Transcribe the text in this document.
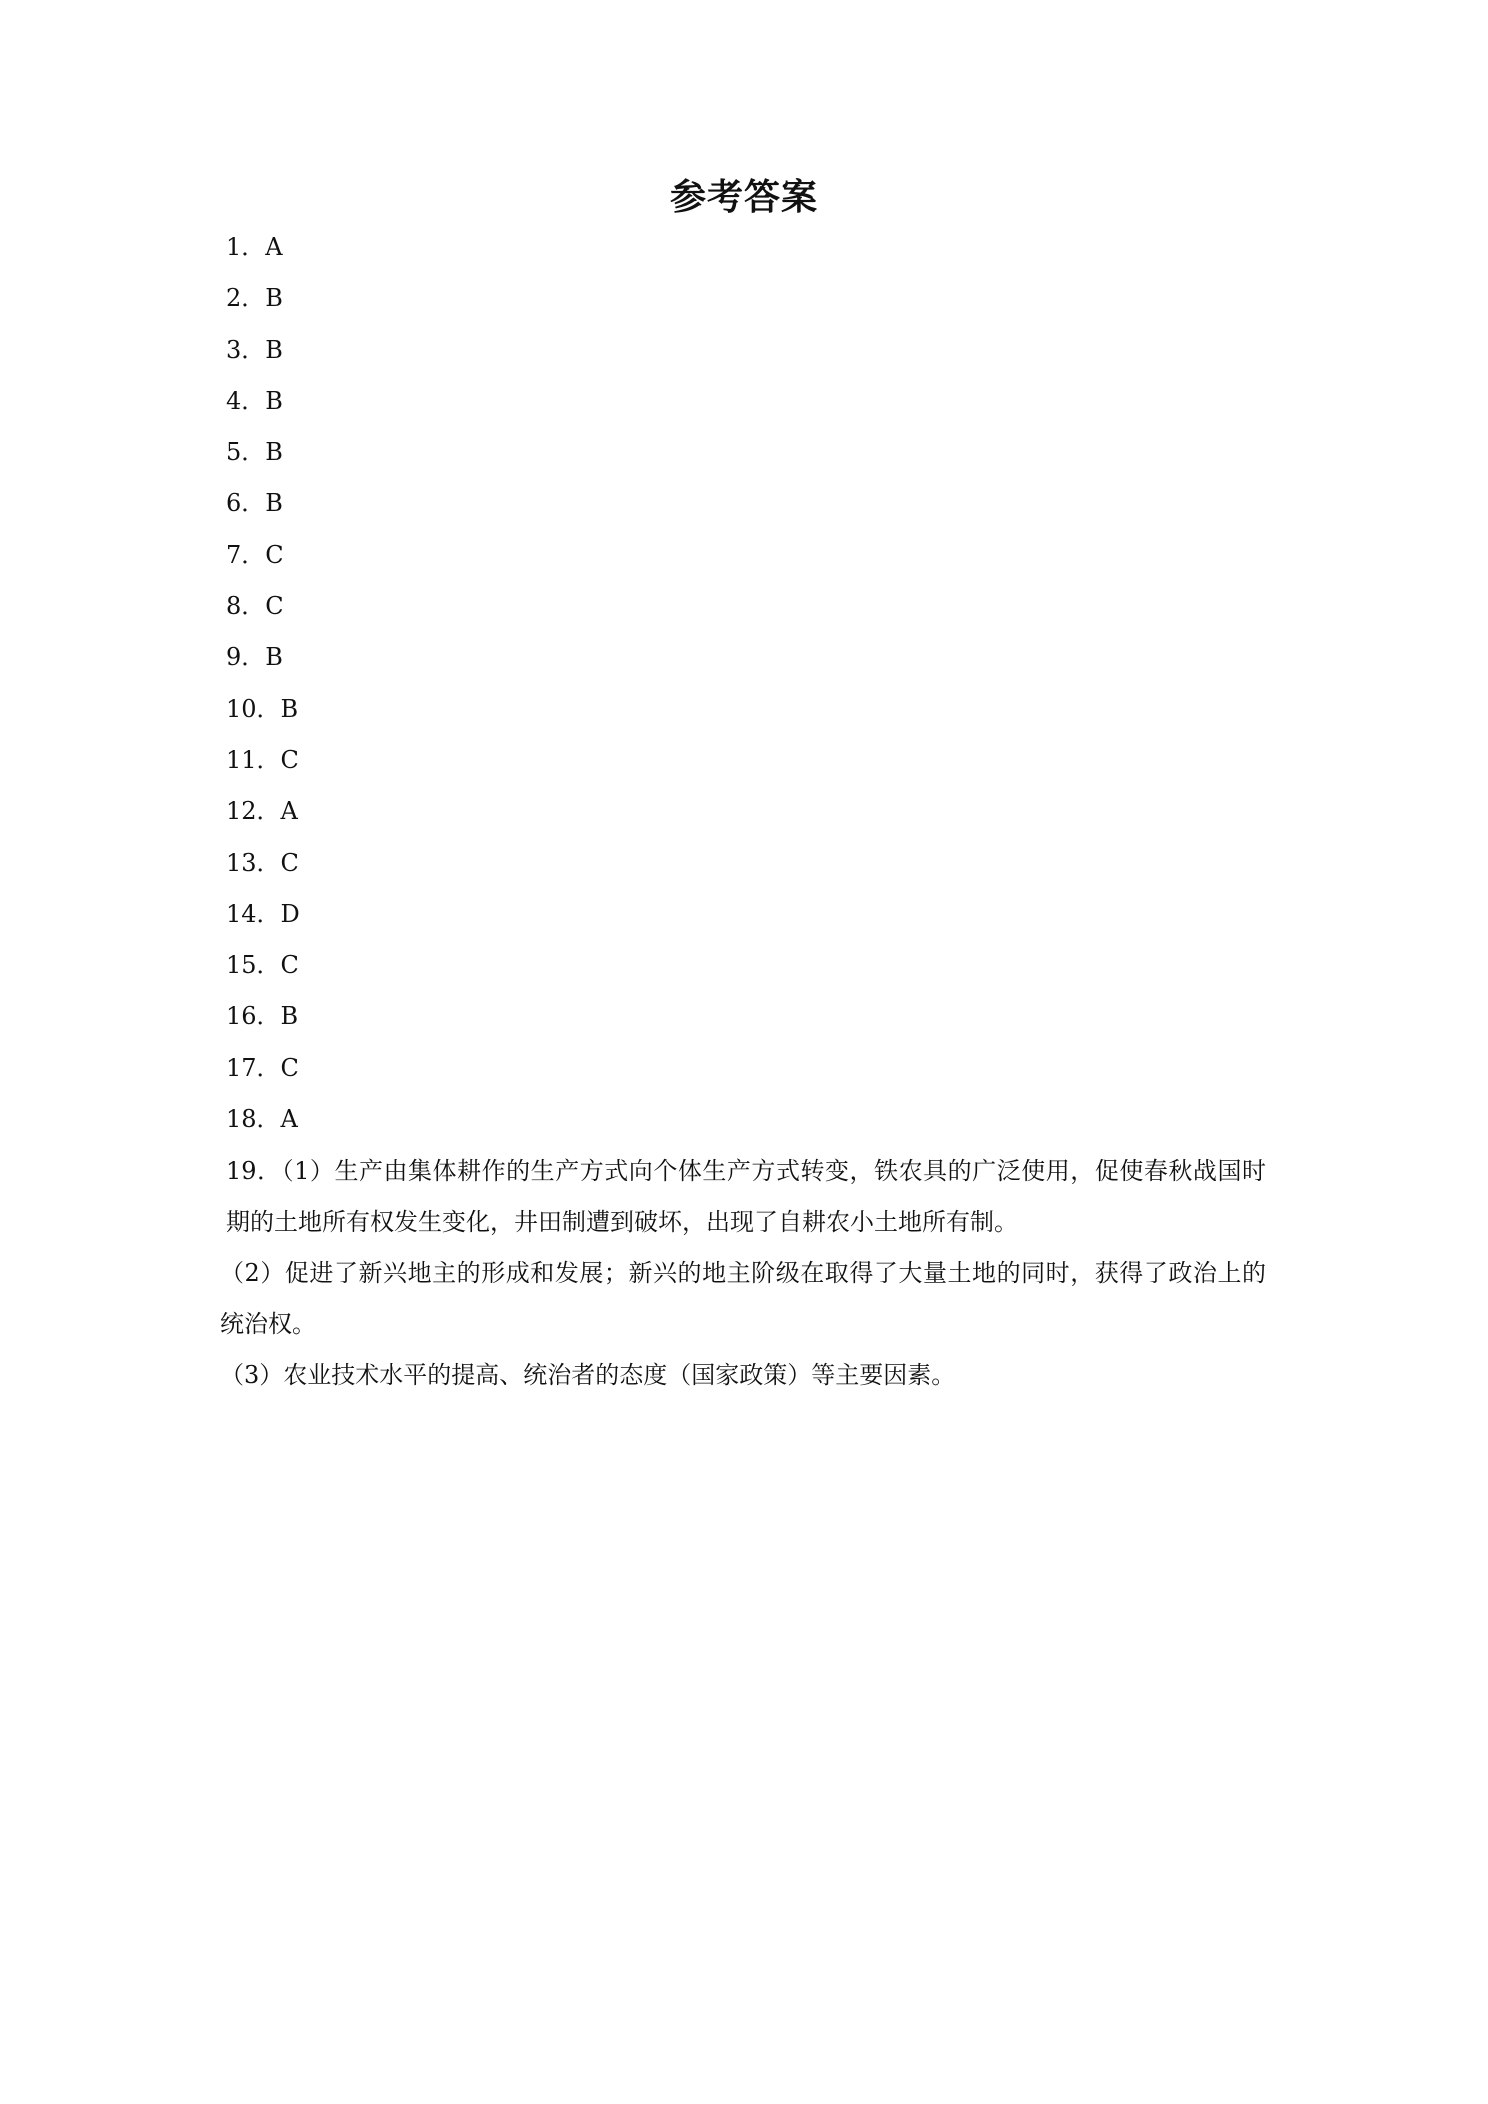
参考答案
1．A
2．B
3．B
4．B
5．B
6．B
7．C
8．C
9．B
10．B
11．C
12．A
13．C
14．D
15．C
16．B
17．C
18．A

19．（1）生产由集体耕作的生产方式向个体生产方式转变，铁农具的广泛使用，促使春秋战国时期的土地所有权发生变化，井田制遭到破坏，出现了自耕农小土地所有制。

（2）促进了新兴地主的形成和发展；新兴的地主阶级在取得了大量土地的同时，获得了政治上的统治权。

（3）农业技术水平的提高、统治者的态度（国家政策）等主要因素。
